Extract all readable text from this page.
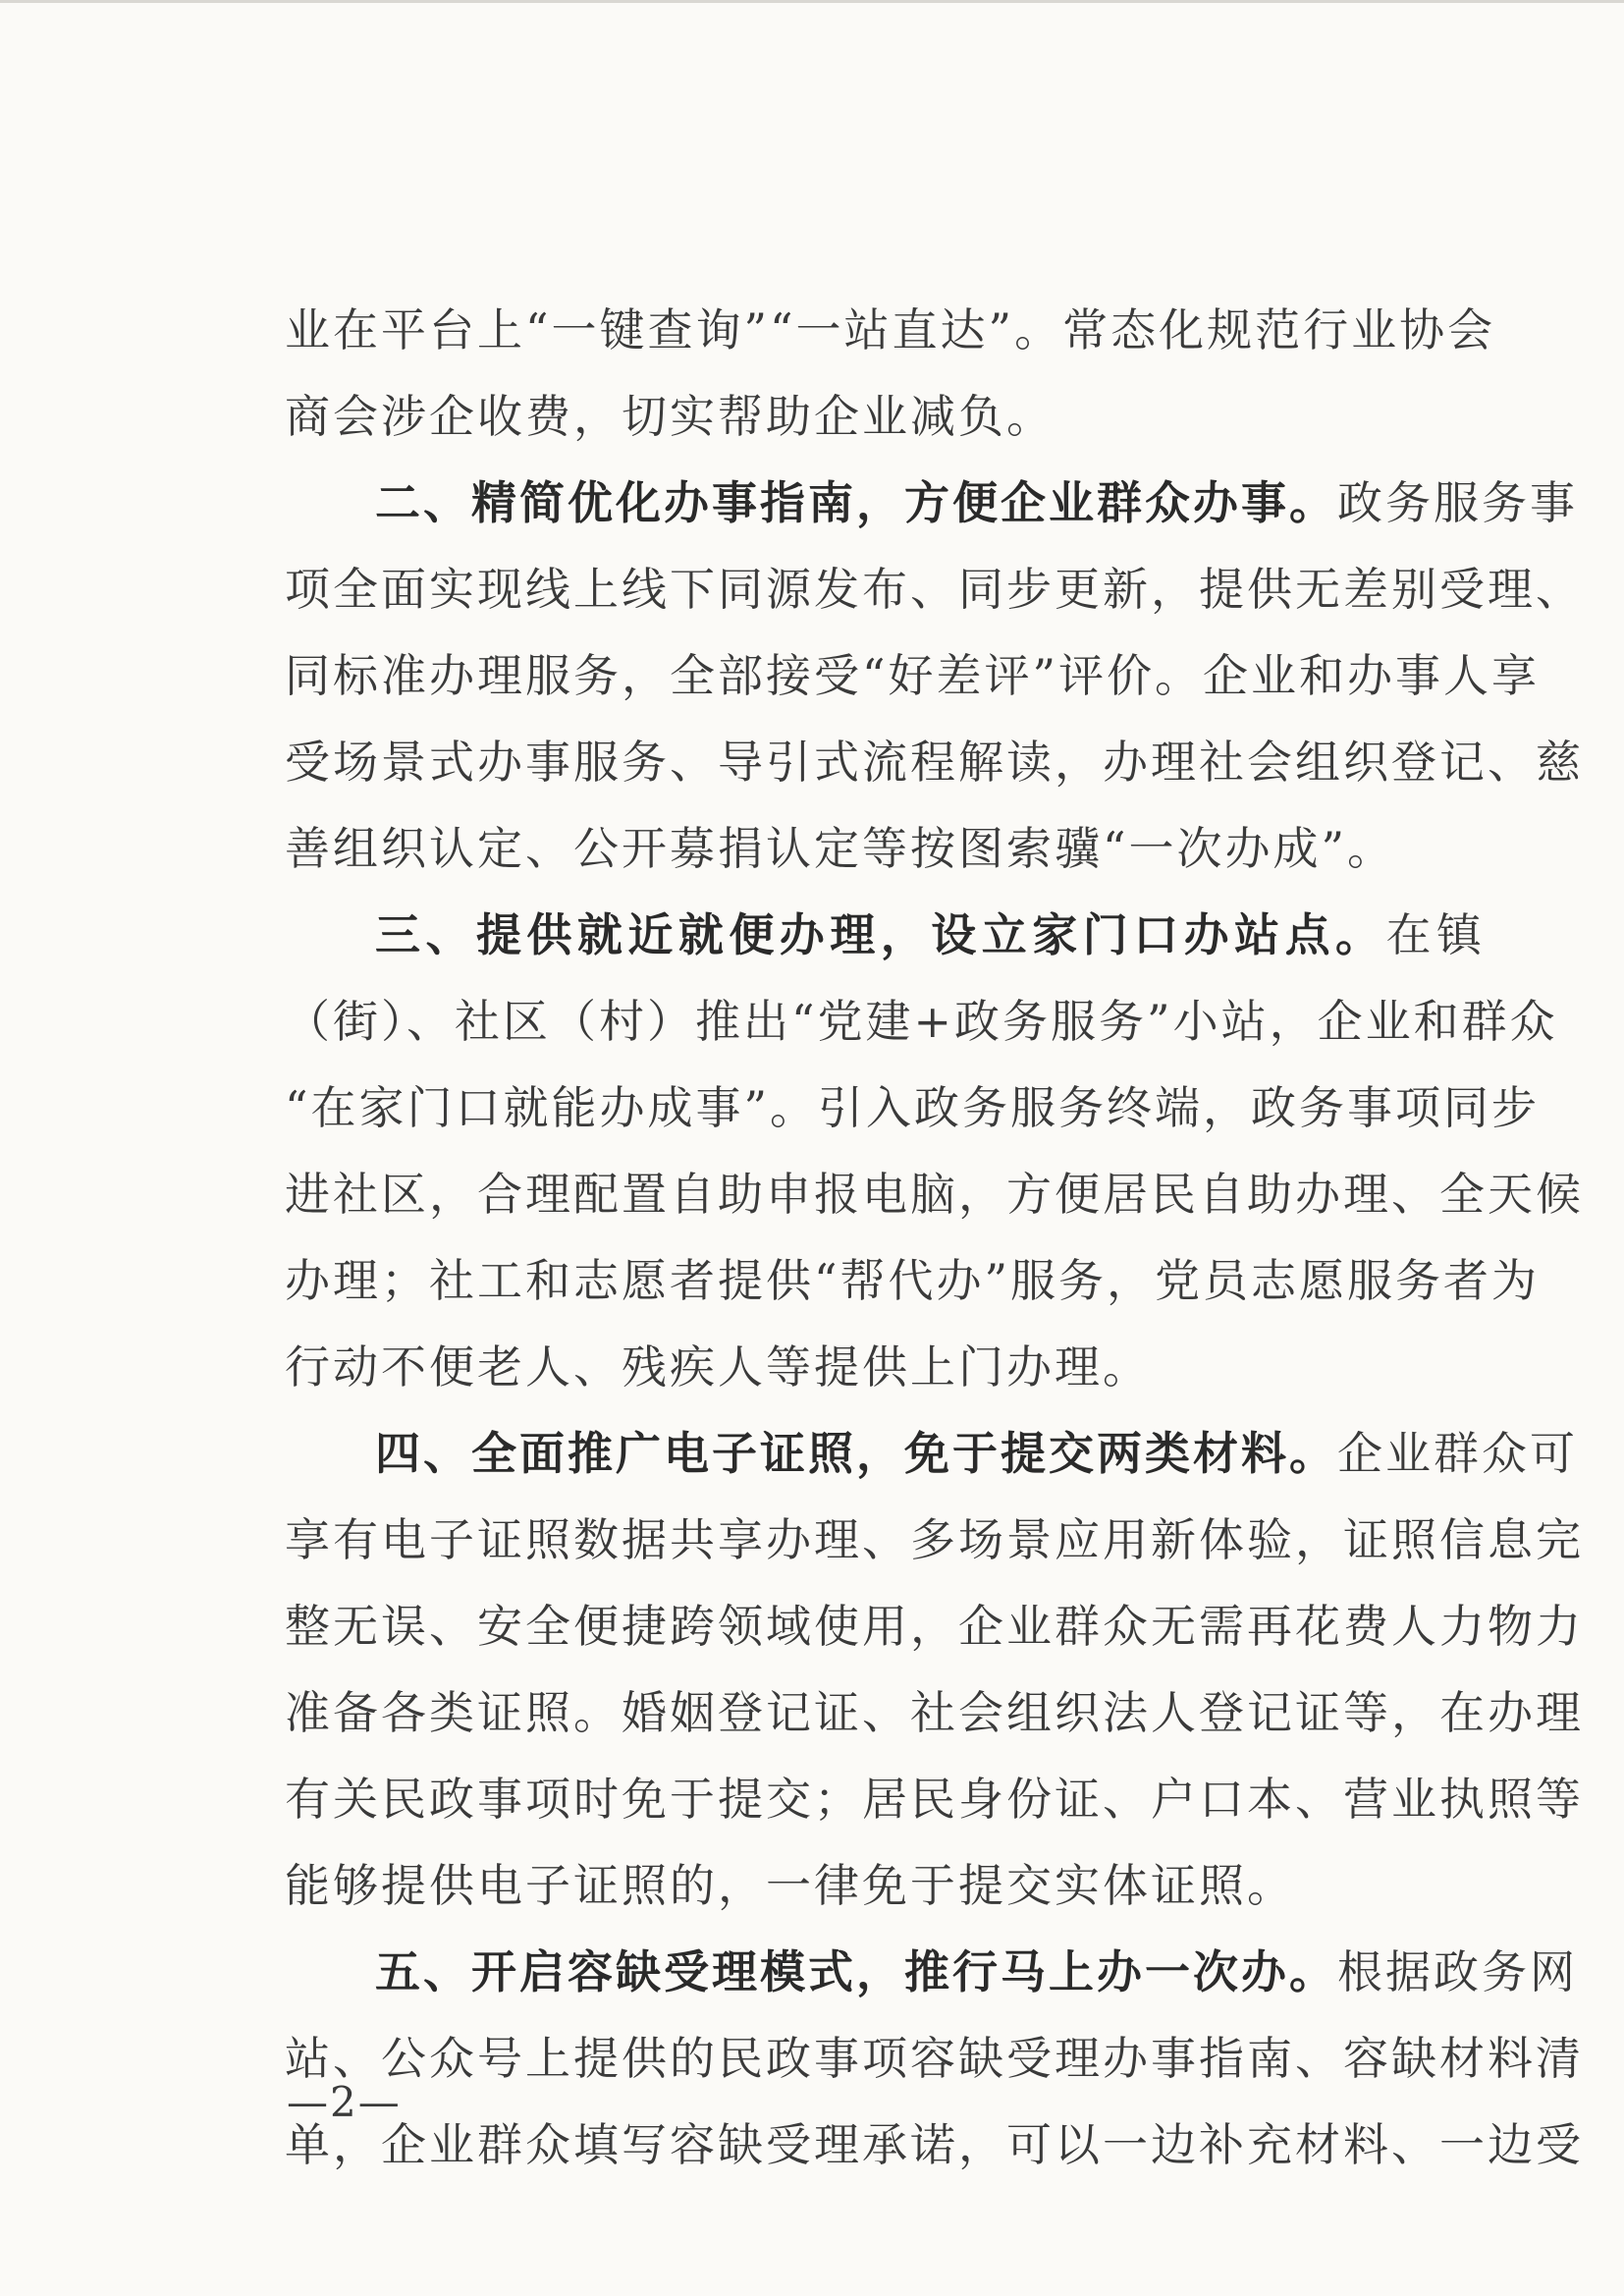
业在平台上“一键查询”“一站直达”。常态化规范行业协会
商会涉企收费，切实帮助企业减负。
二、精简优化办事指南，方便企业群众办事。政务服务事
项全面实现线上线下同源发布、同步更新，提供无差别受理、
同标准办理服务，全部接受“好差评”评价。企业和办事人享
受场景式办事服务、导引式流程解读，办理社会组织登记、慈
善组织认定、公开募捐认定等按图索骥“一次办成”。
三、提供就近就便办理，设立家门口办站点。在镇
（街）、社区（村）推出“党建+政务服务”小站，企业和群众
“在家门口就能办成事”。引入政务服务终端，政务事项同步
进社区，合理配置自助申报电脑，方便居民自助办理、全天候
办理；社工和志愿者提供“帮代办”服务，党员志愿服务者为
行动不便老人、残疾人等提供上门办理。
四、全面推广电子证照，免于提交两类材料。企业群众可
享有电子证照数据共享办理、多场景应用新体验，证照信息完
整无误、安全便捷跨领域使用，企业群众无需再花费人力物力
准备各类证照。婚姻登记证、社会组织法人登记证等，在办理
有关民政事项时免于提交；居民身份证、户口本、营业执照等
能够提供电子证照的，一律免于提交实体证照。
五、开启容缺受理模式，推行马上办一次办。根据政务网
站、公众号上提供的民政事项容缺受理办事指南、容缺材料清
单，企业群众填写容缺受理承诺，可以一边补充材料、一边受
—2—
